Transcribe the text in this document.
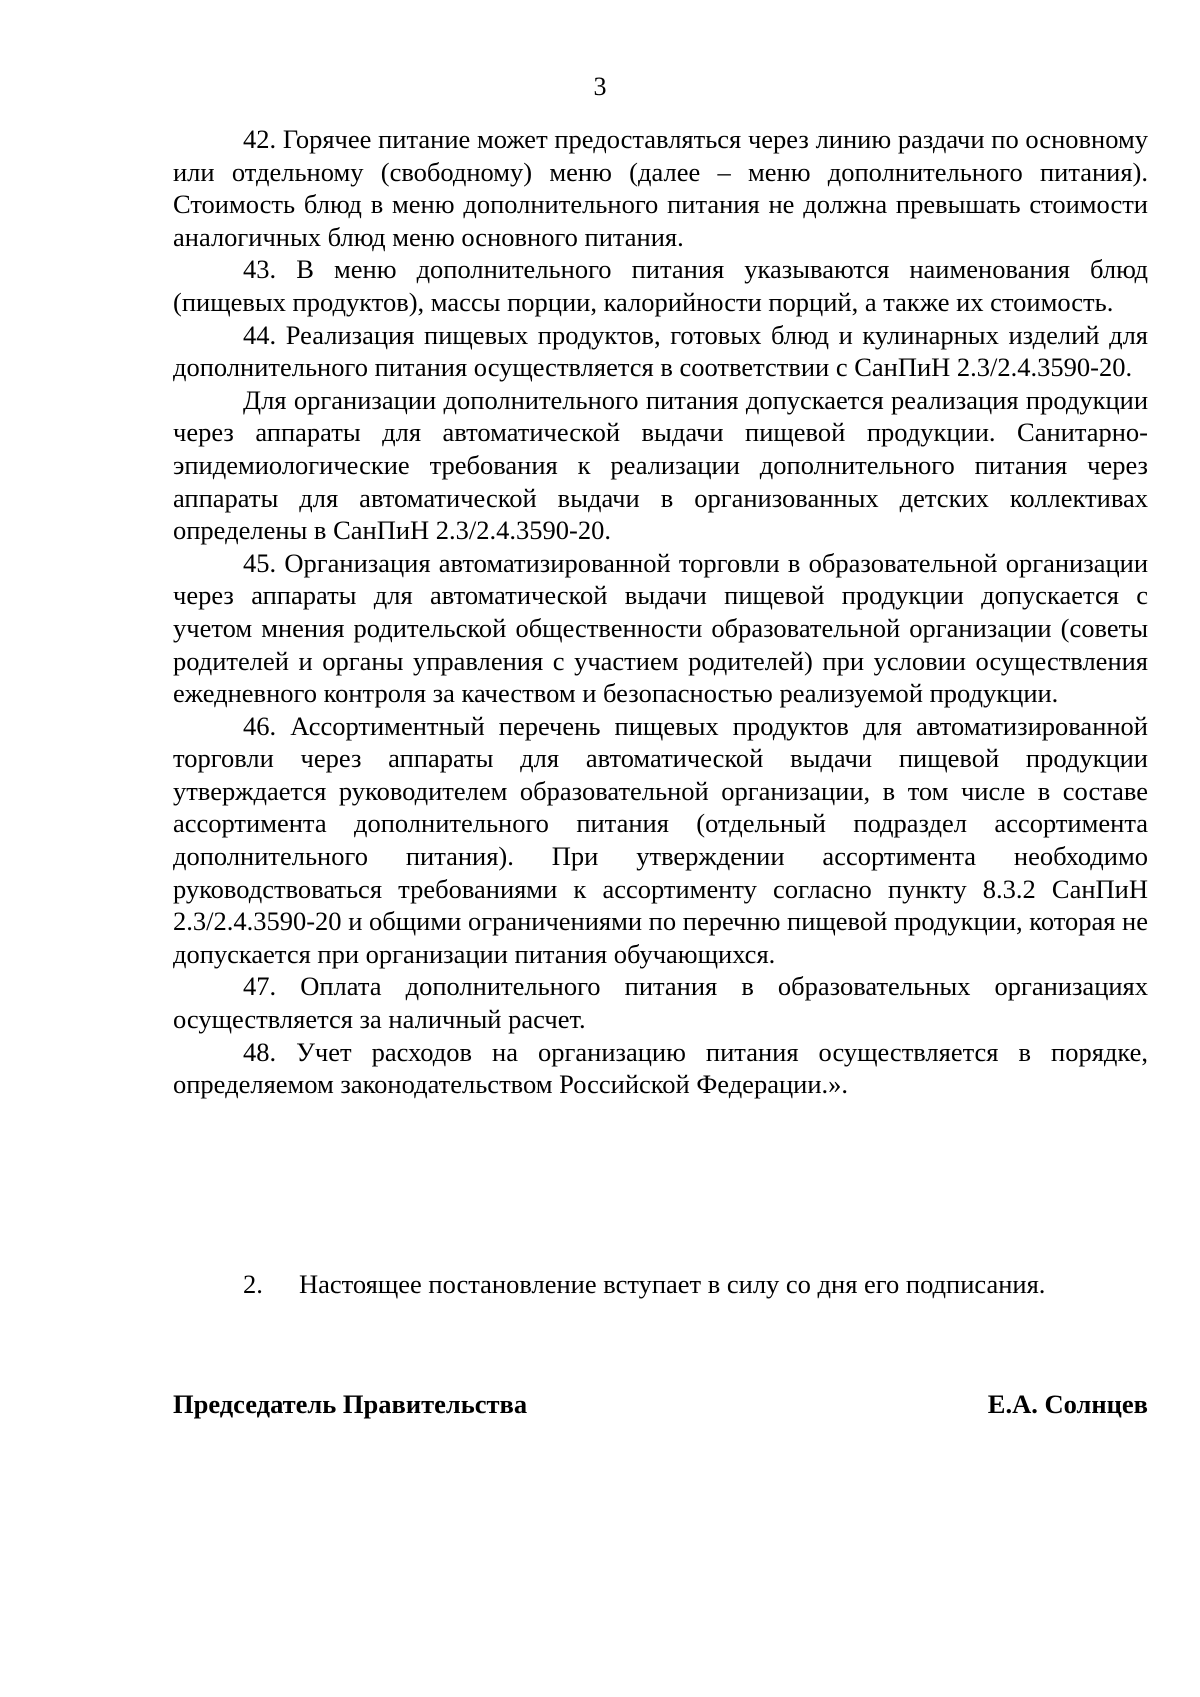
3

42. Горячее питание может предоставляться через линию раздачи по основному или отдельному (свободному) меню (далее – меню дополнительного питания). Стоимость блюд в меню дополнительного питания не должна превышать стоимости аналогичных блюд меню основного питания.

43. В меню дополнительного питания указываются наименования блюд (пищевых продуктов), массы порции, калорийности порций, а также их стоимость.

44. Реализация пищевых продуктов, готовых блюд и кулинарных изделий для дополнительного питания осуществляется в соответствии с СанПиН 2.3/2.4.3590-20.

Для организации дополнительного питания допускается реализация продукции через аппараты для автоматической выдачи пищевой продукции. Санитарно-эпидемиологические требования к реализации дополнительного питания через аппараты для автоматической выдачи в организованных детских коллективах определены в СанПиН 2.3/2.4.3590-20.

45. Организация автоматизированной торговли в образовательной организации через аппараты для автоматической выдачи пищевой продукции допускается с учетом мнения родительской общественности образовательной организации (советы родителей и органы управления с участием родителей) при условии осуществления ежедневного контроля за качеством и безопасностью реализуемой продукции.

46. Ассортиментный перечень пищевых продуктов для автоматизированной торговли через аппараты для автоматической выдачи пищевой продукции утверждается руководителем образовательной организации, в том числе в составе ассортимента дополнительного питания (отдельный подраздел ассортимента дополнительного питания). При утверждении ассортимента необходимо руководствоваться требованиями к ассортименту согласно пункту 8.3.2 СанПиН 2.3/2.4.3590-20 и общими ограничениями по перечню пищевой продукции, которая не допускается при организации питания обучающихся.

47. Оплата дополнительного питания в образовательных организациях осуществляется за наличный расчет.

48. Учет расходов на организацию питания осуществляется в порядке, определяемом законодательством Российской Федерации.».

2.	Настоящее постановление вступает в силу со дня его подписания.
Председатель Правительства	Е.А. Солнцев
